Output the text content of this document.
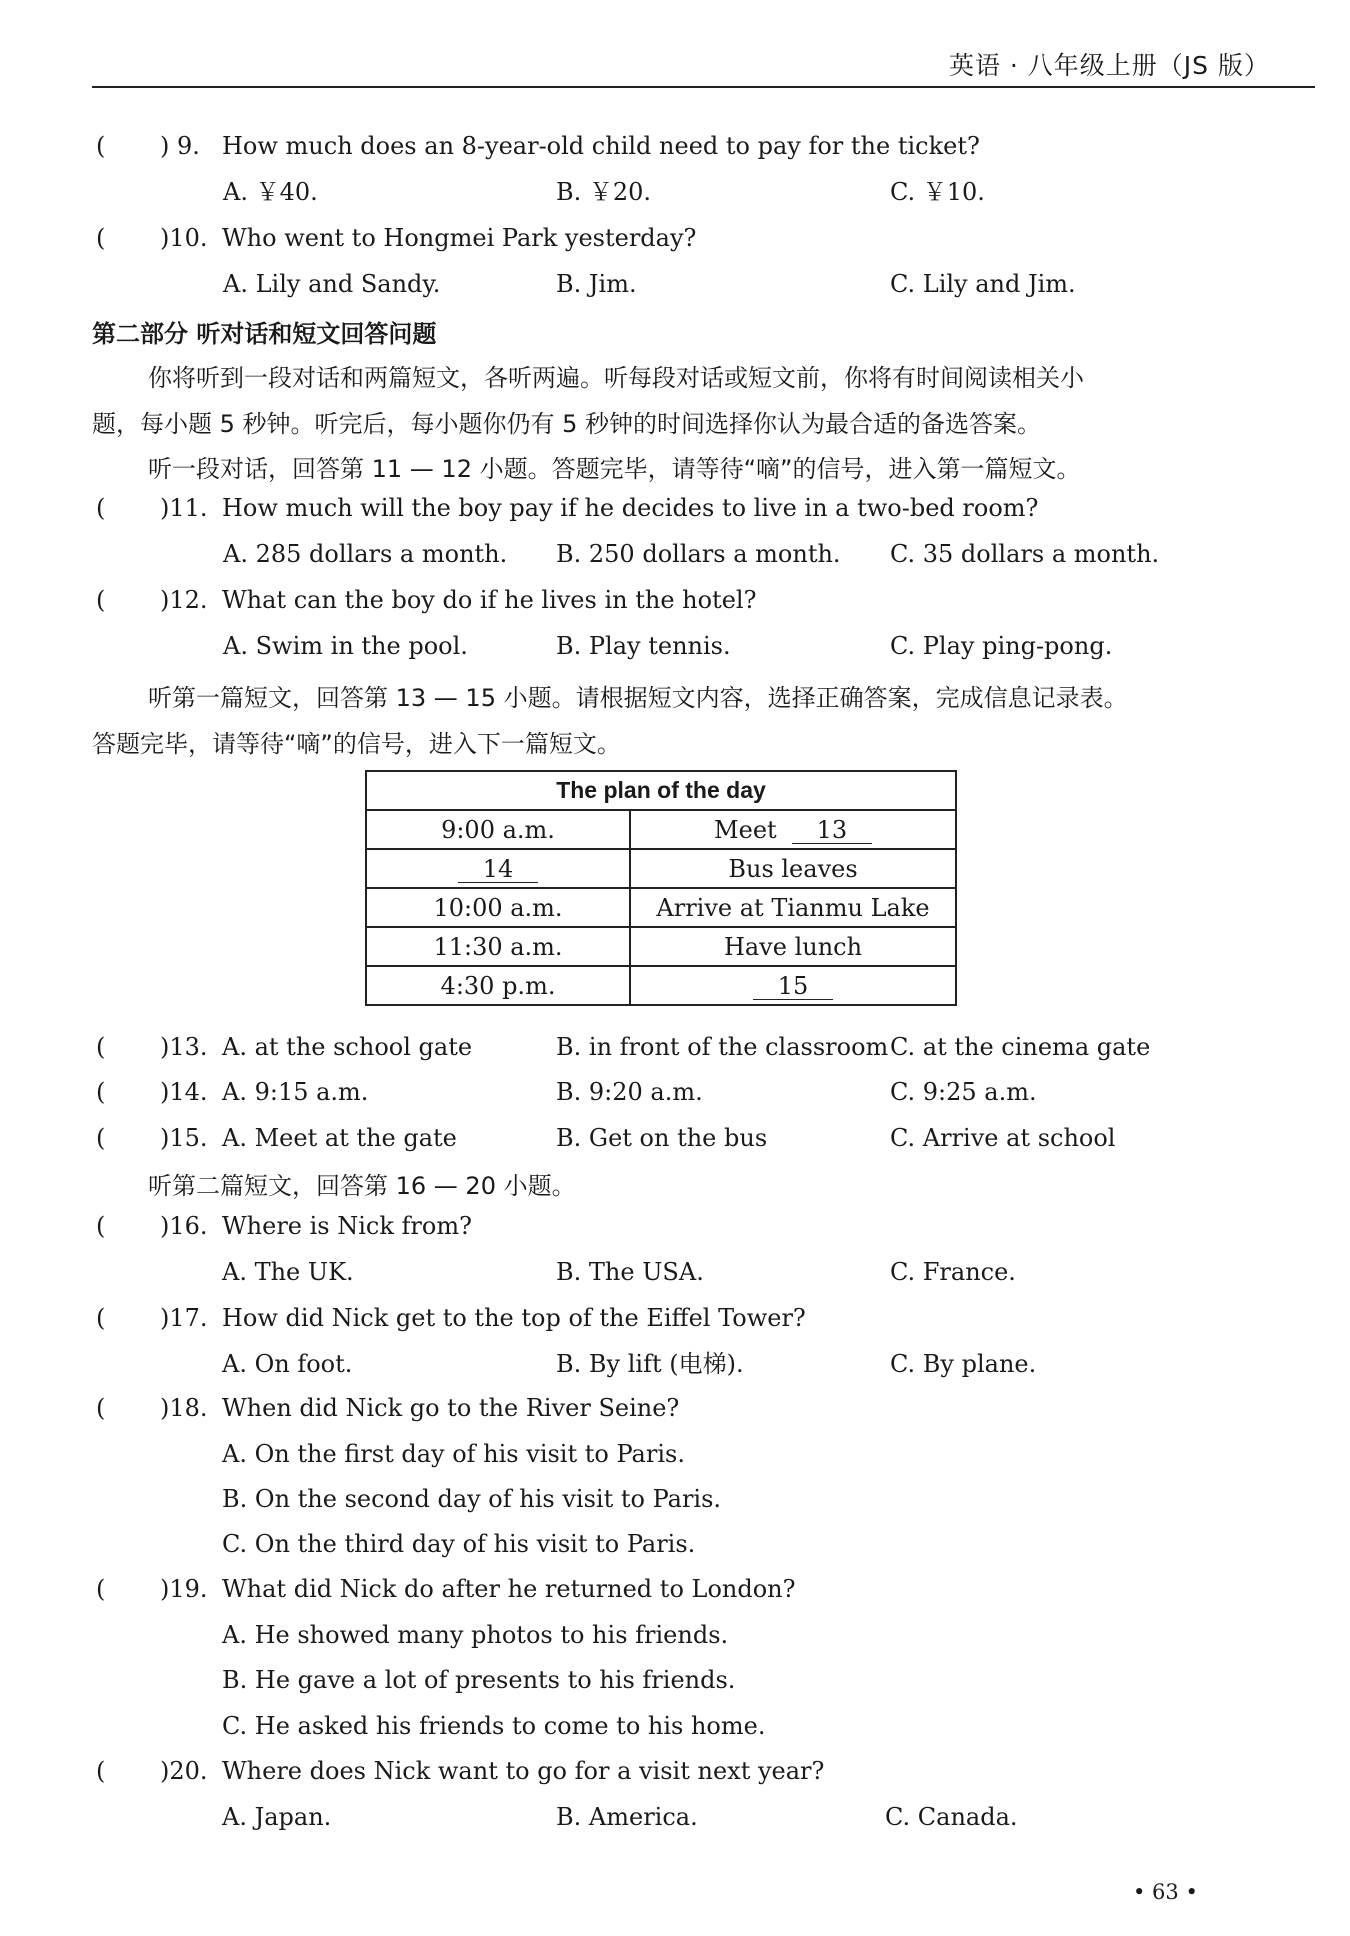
英语 · 八年级上册（JS 版）
( ) 9. How much does an 8-year-old child need to pay for the ticket?
A. ￥40.	B. ￥20.	C. ￥10.
( )10. Who went to Hongmei Park yesterday?
A. Lily and Sandy.	B. Jim.	C. Lily and Jim.
第二部分 听对话和短文回答问题
你将听到一段对话和两篇短文，各听两遍。听每段对话或短文前，你将有时间阅读相关小
题，每小题 5 秒钟。听完后，每小题你仍有 5 秒钟的时间选择你认为最合适的备选答案。
听一段对话，回答第 11 — 12 小题。答题完毕，请等待“嘀”的信号，进入第一篇短文。
( )11. How much will the boy pay if he decides to live in a two-bed room?
A. 285 dollars a month. B. 250 dollars a month. C. 35 dollars a month.
( )12. What can the boy do if he lives in the hotel?
A. Swim in the pool.	B. Play tennis.	C. Play ping-pong.
听第一篇短文，回答第 13 — 15 小题。请根据短文内容，选择正确答案，完成信息记录表。
答题完毕，请等待“嘀”的信号，进入下一篇短文。
The plan of the day	
9:00 a.m.	Meet 13
14	Bus leaves
10:00 a.m.	Arrive at Tianmu Lake
11:30 a.m.	Have lunch
4:30 p.m.	15
( )13. A. at the school gate	B. in front of the classroom C. at the cinema gate
( )14. A. 9:15 a.m.	B. 9:20 a.m.	C. 9:25 a.m.
( )15. A. Meet at the gate	B. Get on the bus	C. Arrive at school
听第二篇短文，回答第 16 — 20 小题。
( )16. Where is Nick from?
A. The UK.	B. The USA.	C. France.
( )17. How did Nick get to the top of the Eiffel Tower?
A. On foot.	B. By lift (电梯).	C. By plane.
( )18. When did Nick go to the River Seine?
A. On the first day of his visit to Paris.
B. On the second day of his visit to Paris.
C. On the third day of his visit to Paris.
( )19. What did Nick do after he returned to London?
A. He showed many photos to his friends.
B. He gave a lot of presents to his friends.
C. He asked his friends to come to his home.
( )20. Where does Nick want to go for a visit next year?
A. Japan.	B. America.	C. Canada.
• 63 •
